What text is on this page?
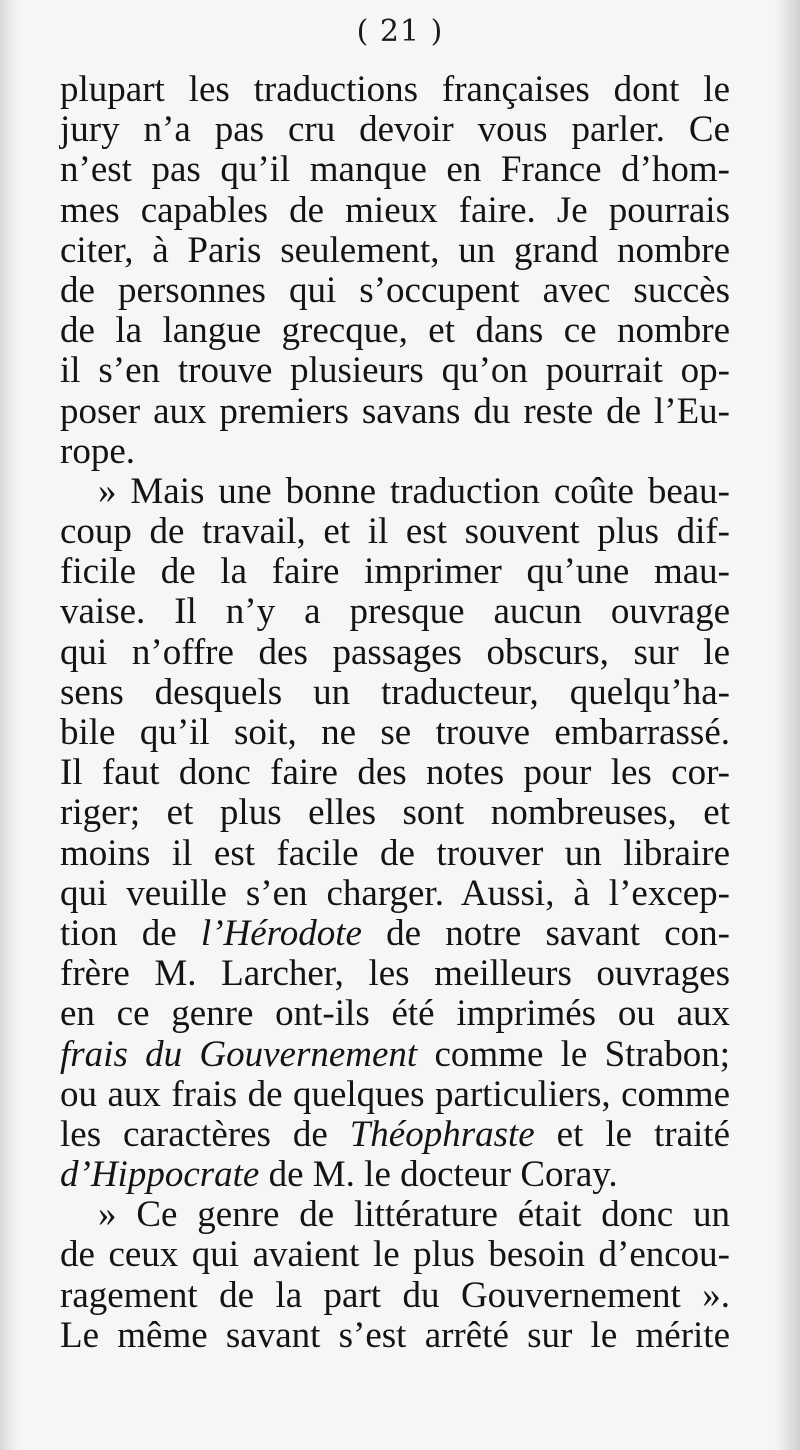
( 21 )
plupart les traductions françaises dont le
jury n’a pas cru devoir vous parler. Ce
n’est pas qu’il manque en France d’hom-
mes capables de mieux faire. Je pourrais
citer, à Paris seulement, un grand nombre
de personnes qui s’occupent avec succès
de la langue grecque, et dans ce nombre
il s’en trouve plusieurs qu’on pourrait op-
poser aux premiers savans du reste de l’Eu-
rope.
» Mais une bonne traduction coûte beau-
coup de travail, et il est souvent plus dif-
ficile de la faire imprimer qu’une mau-
vaise. Il n’y a presque aucun ouvrage
qui n’offre des passages obscurs, sur le
sens desquels un traducteur, quelqu’ha-
bile qu’il soit, ne se trouve embarrassé.
Il faut donc faire des notes pour les cor-
riger; et plus elles sont nombreuses, et
moins il est facile de trouver un libraire
qui veuille s’en charger. Aussi, à l’excep-
tion de l’Hérodote de notre savant con-
frère M. Larcher, les meilleurs ouvrages
en ce genre ont-ils été imprimés ou aux
frais du Gouvernement comme le Strabon;
ou aux frais de quelques particuliers, comme
les caractères de Théophraste et le traité
d’Hippocrate de M. le docteur Coray.
» Ce genre de littérature était donc un
de ceux qui avaient le plus besoin d’encou-
ragement de la part du Gouvernement ».
Le même savant s’est arrêté sur le mérite
